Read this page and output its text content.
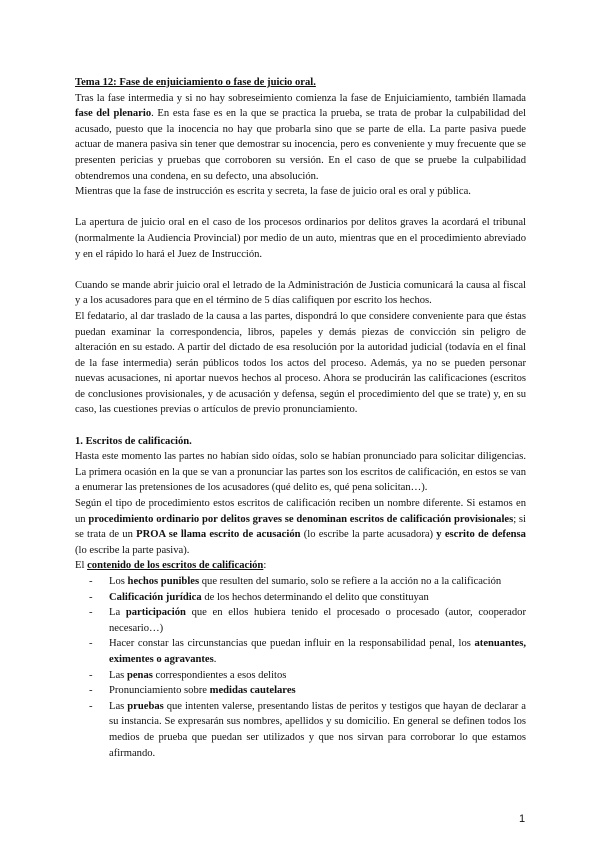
Tema 12: Fase de enjuiciamiento o fase de juicio oral.

Tras la fase intermedia y si no hay sobreseimiento comienza la fase de Enjuiciamiento, también llamada fase del plenario. En esta fase es en la que se practica la prueba, se trata de probar la culpabilidad del acusado, puesto que la inocencia no hay que probarla sino que se parte de ella. La parte pasiva puede actuar de manera pasiva sin tener que demostrar su inocencia, pero es conveniente y muy frecuente que se presenten pericias y pruebas que corroboren su versión. En el caso de que se pruebe la culpabilidad obtendremos una condena, en su defecto, una absolución.

Mientras que la fase de instrucción es escrita y secreta, la fase de juicio oral es oral y pública.

La apertura de juicio oral en el caso de los procesos ordinarios por delitos graves la acordará el tribunal (normalmente la Audiencia Provincial) por medio de un auto, mientras que en el procedimiento abreviado y en el rápido lo hará el Juez de Instrucción.

Cuando se mande abrir juicio oral el letrado de la Administración de Justicia comunicará la causa al fiscal y a los acusadores para que en el término de 5 días califiquen por escrito los hechos.

El fedatario, al dar traslado de la causa a las partes, dispondrá lo que considere conveniente para que éstas puedan examinar la correspondencia, libros, papeles y demás piezas de convicción sin peligro de alteración en su estado. A partir del dictado de esa resolución por la autoridad judicial (todavía en el final de la fase intermedia) serán públicos todos los actos del proceso. Además, ya no se pueden personar nuevas acusaciones, ni aportar nuevos hechos al proceso. Ahora se producirán las calificaciones (escritos de conclusiones provisionales, y de acusación y defensa, según el procedimiento del que se trate) y, en su caso, las cuestiones previas o artículos de previo pronunciamiento.

1. Escritos de calificación.

Hasta este momento las partes no habían sido oídas, solo se habían pronunciado para solicitar diligencias. La primera ocasión en la que se van a pronunciar las partes son los escritos de calificación, en estos se van a enumerar las pretensiones de los acusadores (qué delito es, qué pena solicitan…).

Según el tipo de procedimiento estos escritos de calificación reciben un nombre diferente. Si estamos en un procedimiento ordinario por delitos graves se denominan escritos de calificación provisionales; si se trata de un PROA se llama escrito de acusación (lo escribe la parte acusadora) y escrito de defensa (lo escribe la parte pasiva).

El contenido de los escritos de calificación:

- Los hechos punibles que resulten del sumario, solo se refiere a la acción no a la calificación
- Calificación jurídica de los hechos determinando el delito que constituyan
- La participación que en ellos hubiera tenido el procesado o procesado (autor, cooperador necesario…)
- Hacer constar las circunstancias que puedan influir en la responsabilidad penal, los atenuantes, eximentes o agravantes.
- Las penas correspondientes a esos delitos
- Pronunciamiento sobre medidas cautelares
- Las pruebas que intenten valerse, presentando listas de peritos y testigos que hayan de declarar a su instancia. Se expresarán sus nombres, apellidos y su domicilio. En general se definen todos los medios de prueba que puedan ser utilizados y que nos sirvan para corroborar lo que estamos afirmando.
1
